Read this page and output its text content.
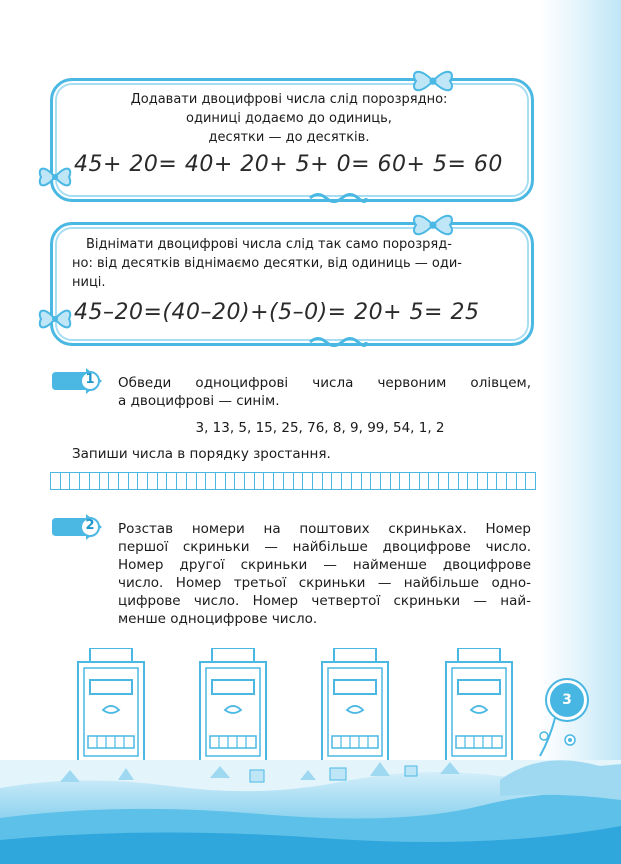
Додавати двоцифрові числа слід порозрядно:
одиниці додаємо до одиниць,
десятки — до десятків.
45+ 20= 40+ 20+ 5+ 0= 60+ 5= 60
Віднімати двоцифрові числа слід так само порозряд-
но: від десятків віднімаємо десятки, від одиниць — оди-
ниці.
45–20=(40–20)+(5–0)= 20+ 5= 25
1 Обведи одноцифрові числа червоним олівцем,
а двоцифрові — синім.
3, 13, 5, 15, 25, 76, 8, 9, 99, 54, 1, 2
Запиши числа в порядку зростання.
2 Розстав номери на поштових скриньках. Номер
першої скриньки — найбільше двоцифрове число.
Номер другої скриньки — найменше двоцифрове
число. Номер третьої скриньки — найбільше одно-
цифрове число. Номер четвертої скриньки — най-
менше одноцифрове число.
3
